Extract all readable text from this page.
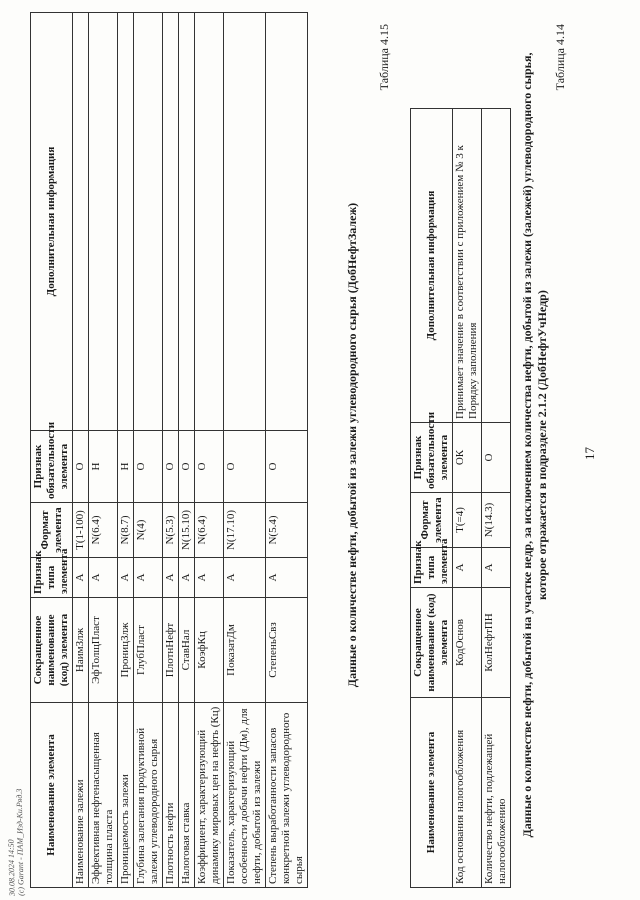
30.08.2024 14:50
(c) Garant - ПАМ_Изд-Ки.Ряд.3
17
Таблица 4.14
Данные о количестве нефти, добытой на участке недр, за исключением количества нефти, добытой из залежи (залежей) углеводородного сырья, которое отражается в подразделе 2.1.2 (ДобНефтУчНедр)
Наименование элемента	Сокращенное наименование (код) элемента	Признак типа элемента	Формат элемента	Признак обязательности элемента	Дополнительная информация
Код основания налогообложения	КодОснов	А	Т(=4)	ОК	Принимает значение в соответствии с приложением № 3 к Порядку заполнения
Количество нефти, подлежащей налогообложению	КолНефтПН	А	N(14.3)	О	
Таблица 4.15
Данные о количестве нефти, добытой из залежи углеводородного сырья (ДобНефтЗалеж)
Наименование элемента	Сокращенное наименование (код) элемента	Признак типа элемента	Формат элемента	Признак обязательности элемента	Дополнительная информация
Наименование залежи	НаимЗлж	А	Т(1-100)	О	
Эффективная нефтенасыщенная толщина пласта	ЭфТолщПласт	А	N(6.4)	Н	
Проницаемость залежи	ПроницЗлж	А	N(8.7)	Н	
Глубина залегания продуктивной залежи углеводородного сырья	ГлубПласт	А	N(4)	О	
Плотность нефти	ПлотнНефт	А	N(5.3)	О	
Налоговая ставка	СтавНал	А	N(15.10)	О	
Коэффициент, характеризующий динамику мировых цен на нефть (Кц)	КоэфКц	А	N(6.4)	О	
Показатель, характеризующий особенности добычи нефти (Дм), для нефти, добытой из залежи	ПоказатДм	А	N(17.10)	О	
Степень выработанности запасов конкретной залежи углеводородного сырья	СтепеньСвз	А	N(5.4)	О	
